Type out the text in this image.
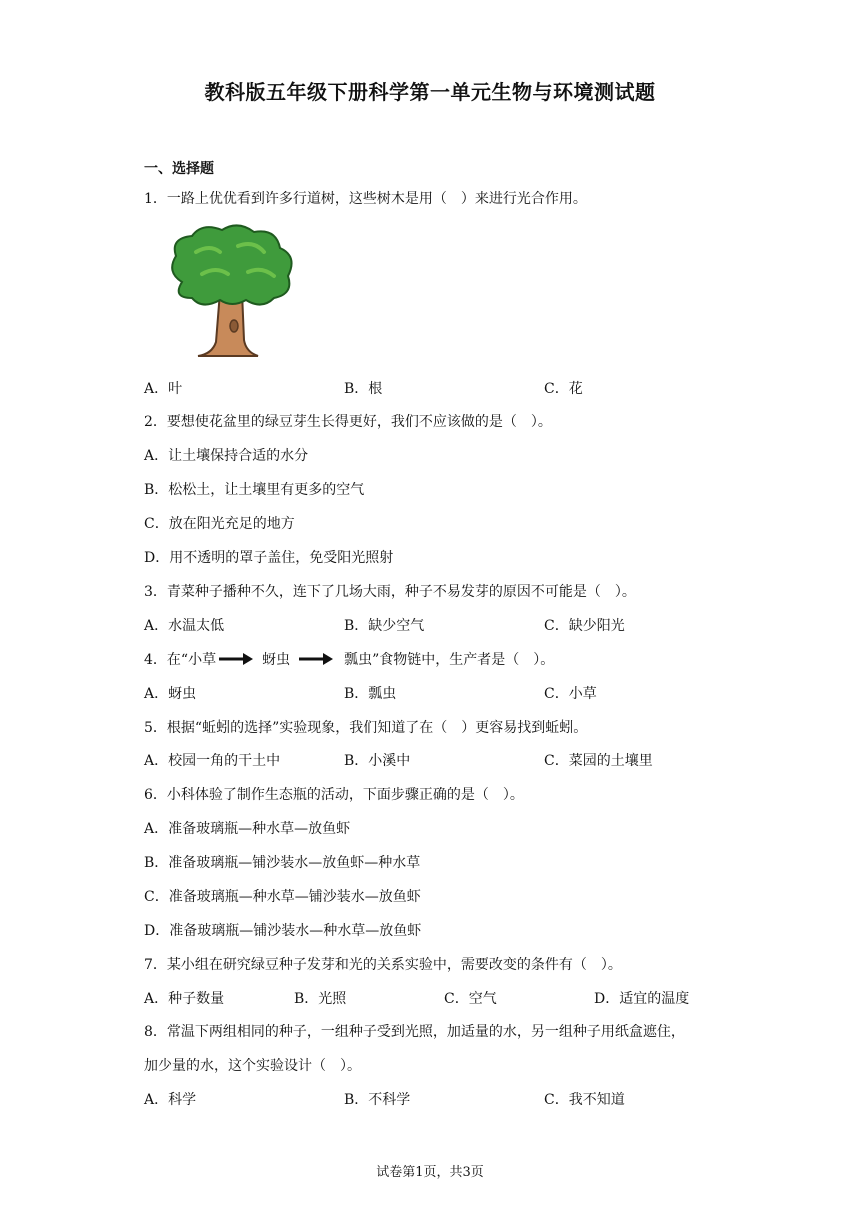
教科版五年级下册科学第一单元生物与环境测试题
一、选择题
1．一路上优优看到许多行道树，这些树木是用（　）来进行光合作用。
A．叶	B．根	C．花
2．要想使花盆里的绿豆芽生长得更好，我们不应该做的是（　）。
A．让土壤保持合适的水分
B．松松土，让土壤里有更多的空气
C．放在阳光充足的地方
D．用不透明的罩子盖住，免受阳光照射
3．青菜种子播种不久，连下了几场大雨，种子不易发芽的原因不可能是（　）。
A．水温太低	B．缺少空气	C．缺少阳光
4．在“小草	蚜虫	瓢虫”食物链中，生产者是（　）。
A．蚜虫	B．瓢虫	C．小草
5．根据“蚯蚓的选择”实验现象，我们知道了在（　）更容易找到蚯蚓。
A．校园一角的干土中	B．小溪中	C．菜园的土壤里
6．小科体验了制作生态瓶的活动，下面步骤正确的是（　）。
A．准备玻璃瓶—种水草—放鱼虾
B．准备玻璃瓶—铺沙装水—放鱼虾—种水草
C．准备玻璃瓶—种水草—铺沙装水—放鱼虾
D．准备玻璃瓶—铺沙装水—种水草—放鱼虾
7．某小组在研究绿豆种子发芽和光的关系实验中，需要改变的条件有（　）。
A．种子数量	B．光照	C．空气	D．适宜的温度
8．常温下两组相同的种子，一组种子受到光照，加适量的水，另一组种子用纸盒遮住，
加少量的水，这个实验设计（　）。
A．科学	B．不科学	C．我不知道
试卷第1页，共3页
